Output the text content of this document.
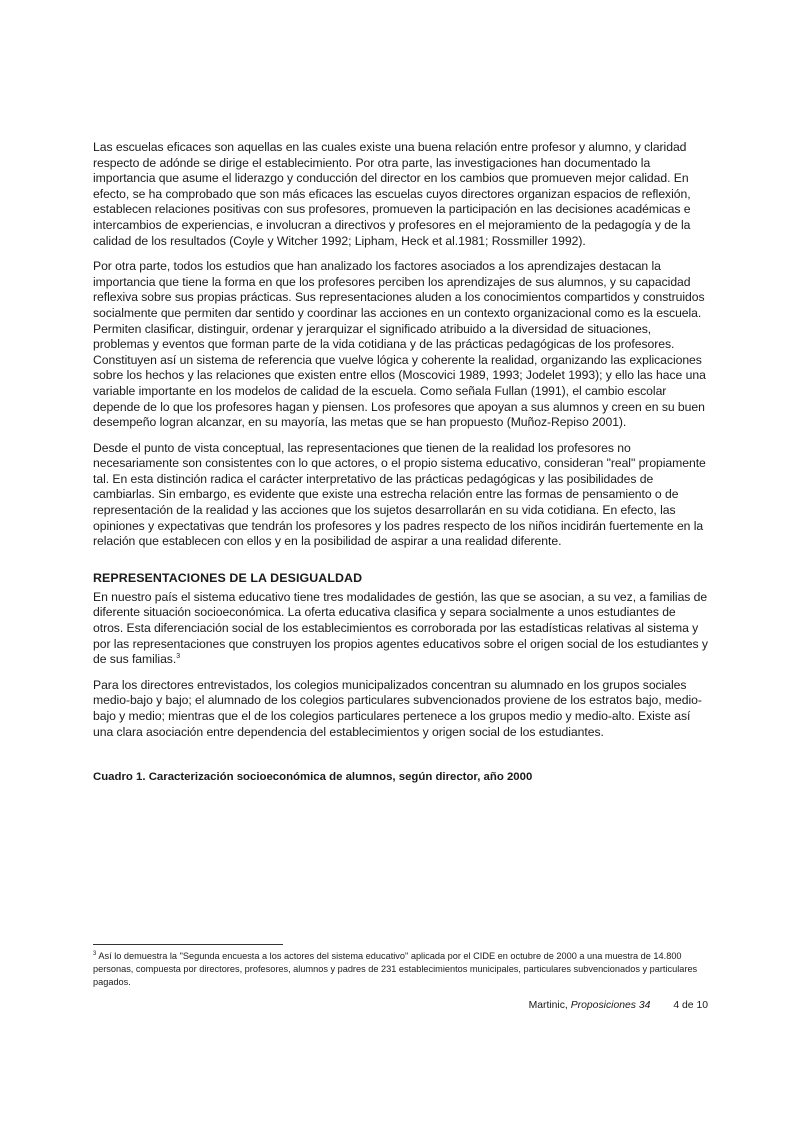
Las escuelas eficaces son aquellas en las cuales existe una buena relación entre profesor y alumno, y claridad respecto de adónde se dirige el establecimiento. Por otra parte, las investigaciones han documentado la importancia que asume el liderazgo y conducción del director en los cambios que promueven mejor calidad. En efecto, se ha comprobado que son más eficaces las escuelas cuyos directores organizan espacios de reflexión, establecen relaciones positivas con sus profesores, promueven la participación en las decisiones académicas e intercambios de experiencias, e involucran a directivos y profesores en el mejoramiento de la pedagogía y de la calidad de los resultados (Coyle y Witcher 1992; Lipham, Heck et al.1981; Rossmiller 1992).

Por otra parte, todos los estudios que han analizado los factores asociados a los aprendizajes destacan la importancia que tiene la forma en que los profesores perciben los aprendizajes de sus alumnos, y su capacidad reflexiva sobre sus propias prácticas. Sus representaciones aluden a los conocimientos compartidos y construidos socialmente que permiten dar sentido y coordinar las acciones en un contexto organizacional como es la escuela. Permiten clasificar, distinguir, ordenar y jerarquizar el significado atribuido a la diversidad de situaciones, problemas y eventos que forman parte de la vida cotidiana y de las prácticas pedagógicas de los profesores. Constituyen así un sistema de referencia que vuelve lógica y coherente la realidad, organizando las explicaciones sobre los hechos y las relaciones que existen entre ellos (Moscovici 1989, 1993; Jodelet 1993); y ello las hace una variable importante en los modelos de calidad de la escuela. Como señala Fullan (1991), el cambio escolar depende de lo que los profesores hagan y piensen. Los profesores que apoyan a sus alumnos y creen en su buen desempeño logran alcanzar, en su mayoría, las metas que se han propuesto (Muñoz-Repiso 2001).

Desde el punto de vista conceptual, las representaciones que tienen de la realidad los profesores no necesariamente son consistentes con lo que actores, o el propio sistema educativo, consideran "real" propiamente tal. En esta distinción radica el carácter interpretativo de las prácticas pedagógicas y las posibilidades de cambiarlas. Sin embargo, es evidente que existe una estrecha relación entre las formas de pensamiento o de representación de la realidad y las acciones que los sujetos desarrollarán en su vida cotidiana. En efecto, las opiniones y expectativas que tendrán los profesores y los padres respecto de los niños incidirán fuertemente en la relación que establecen con ellos y en la posibilidad de aspirar a una realidad diferente.

REPRESENTACIONES DE LA DESIGUALDAD

En nuestro país el sistema educativo tiene tres modalidades de gestión, las que se asocian, a su vez, a familias de diferente situación socioeconómica. La oferta educativa clasifica y separa socialmente a unos estudiantes de otros. Esta diferenciación social de los establecimientos es corroborada por las estadísticas relativas al sistema y por las representaciones que construyen los propios agentes educativos sobre el origen social de los estudiantes y de sus familias.$^3$

Para los directores entrevistados, los colegios municipalizados concentran su alumnado en los grupos sociales medio-bajo y bajo; el alumnado de los colegios particulares subvencionados proviene de los estratos bajo, medio-bajo y medio; mientras que el de los colegios particulares pertenece a los grupos medio y medio-alto. Existe así una clara asociación entre dependencia del establecimientos y origen social de los estudiantes.

Cuadro 1. Caracterización socioeconómica de alumnos, según director, año 2000

$^3$ Así lo demuestra la "Segunda encuesta a los actores del sistema educativo" aplicada por el CIDE en octubre de 2000 a una muestra de 14.800 personas, compuesta por directores, profesores, alumnos y padres de 231 establecimientos municipales, particulares subvencionados y particulares pagados.
Martinic, Proposiciones 34 4 de 10
